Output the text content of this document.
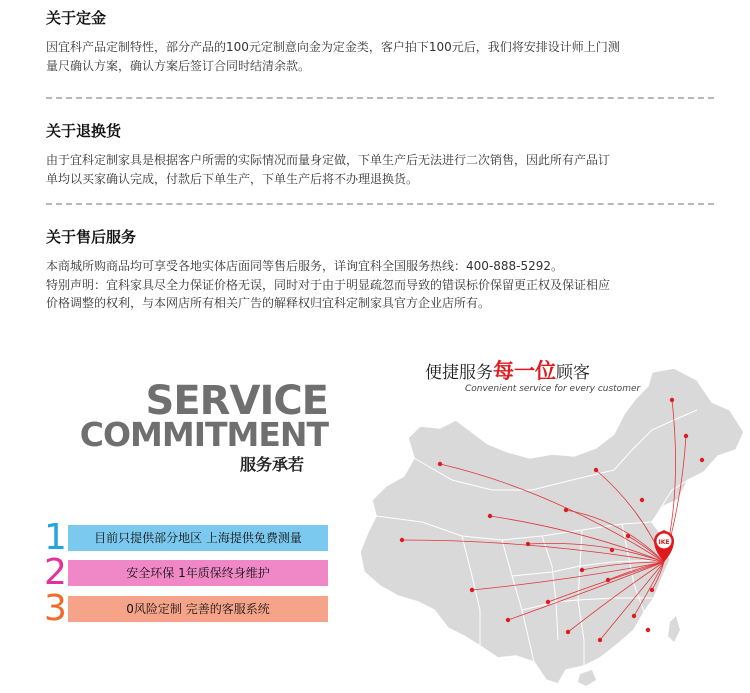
关于定金

因宜科产品定制特性，部分产品的100元定制意向金为定金类，客户拍下100元后，我们将安排设计师上门测

量尺确认方案，确认方案后签订合同时结清余款。

关于退换货

由于宜科定制家具是根据客户所需的实际情况而量身定做，下单生产后无法进行二次销售，因此所有产品订

单均以买家确认完成，付款后下单生产，下单生产后将不办理退换货。

关于售后服务

本商城所购商品均可享受各地实体店面同等售后服务，详询宜科全国服务热线：400-888-5292。

特别声明：宜科家具尽全力保证价格无误，同时对于由于明显疏忽而导致的错误标价保留更正权及保证相应

价格调整的权利，与本网店所有相关广告的解释权归宜科定制家具官方企业店所有。

SERVICE
COMMITMENT
服务承若
1	目前只提供部分地区 上海提供免费测量
2	安全环保 1年质保终身维护
3	0风险定制 完善的客服系统
便捷服务每一位顾客
Convenient service for every customer
IKE
